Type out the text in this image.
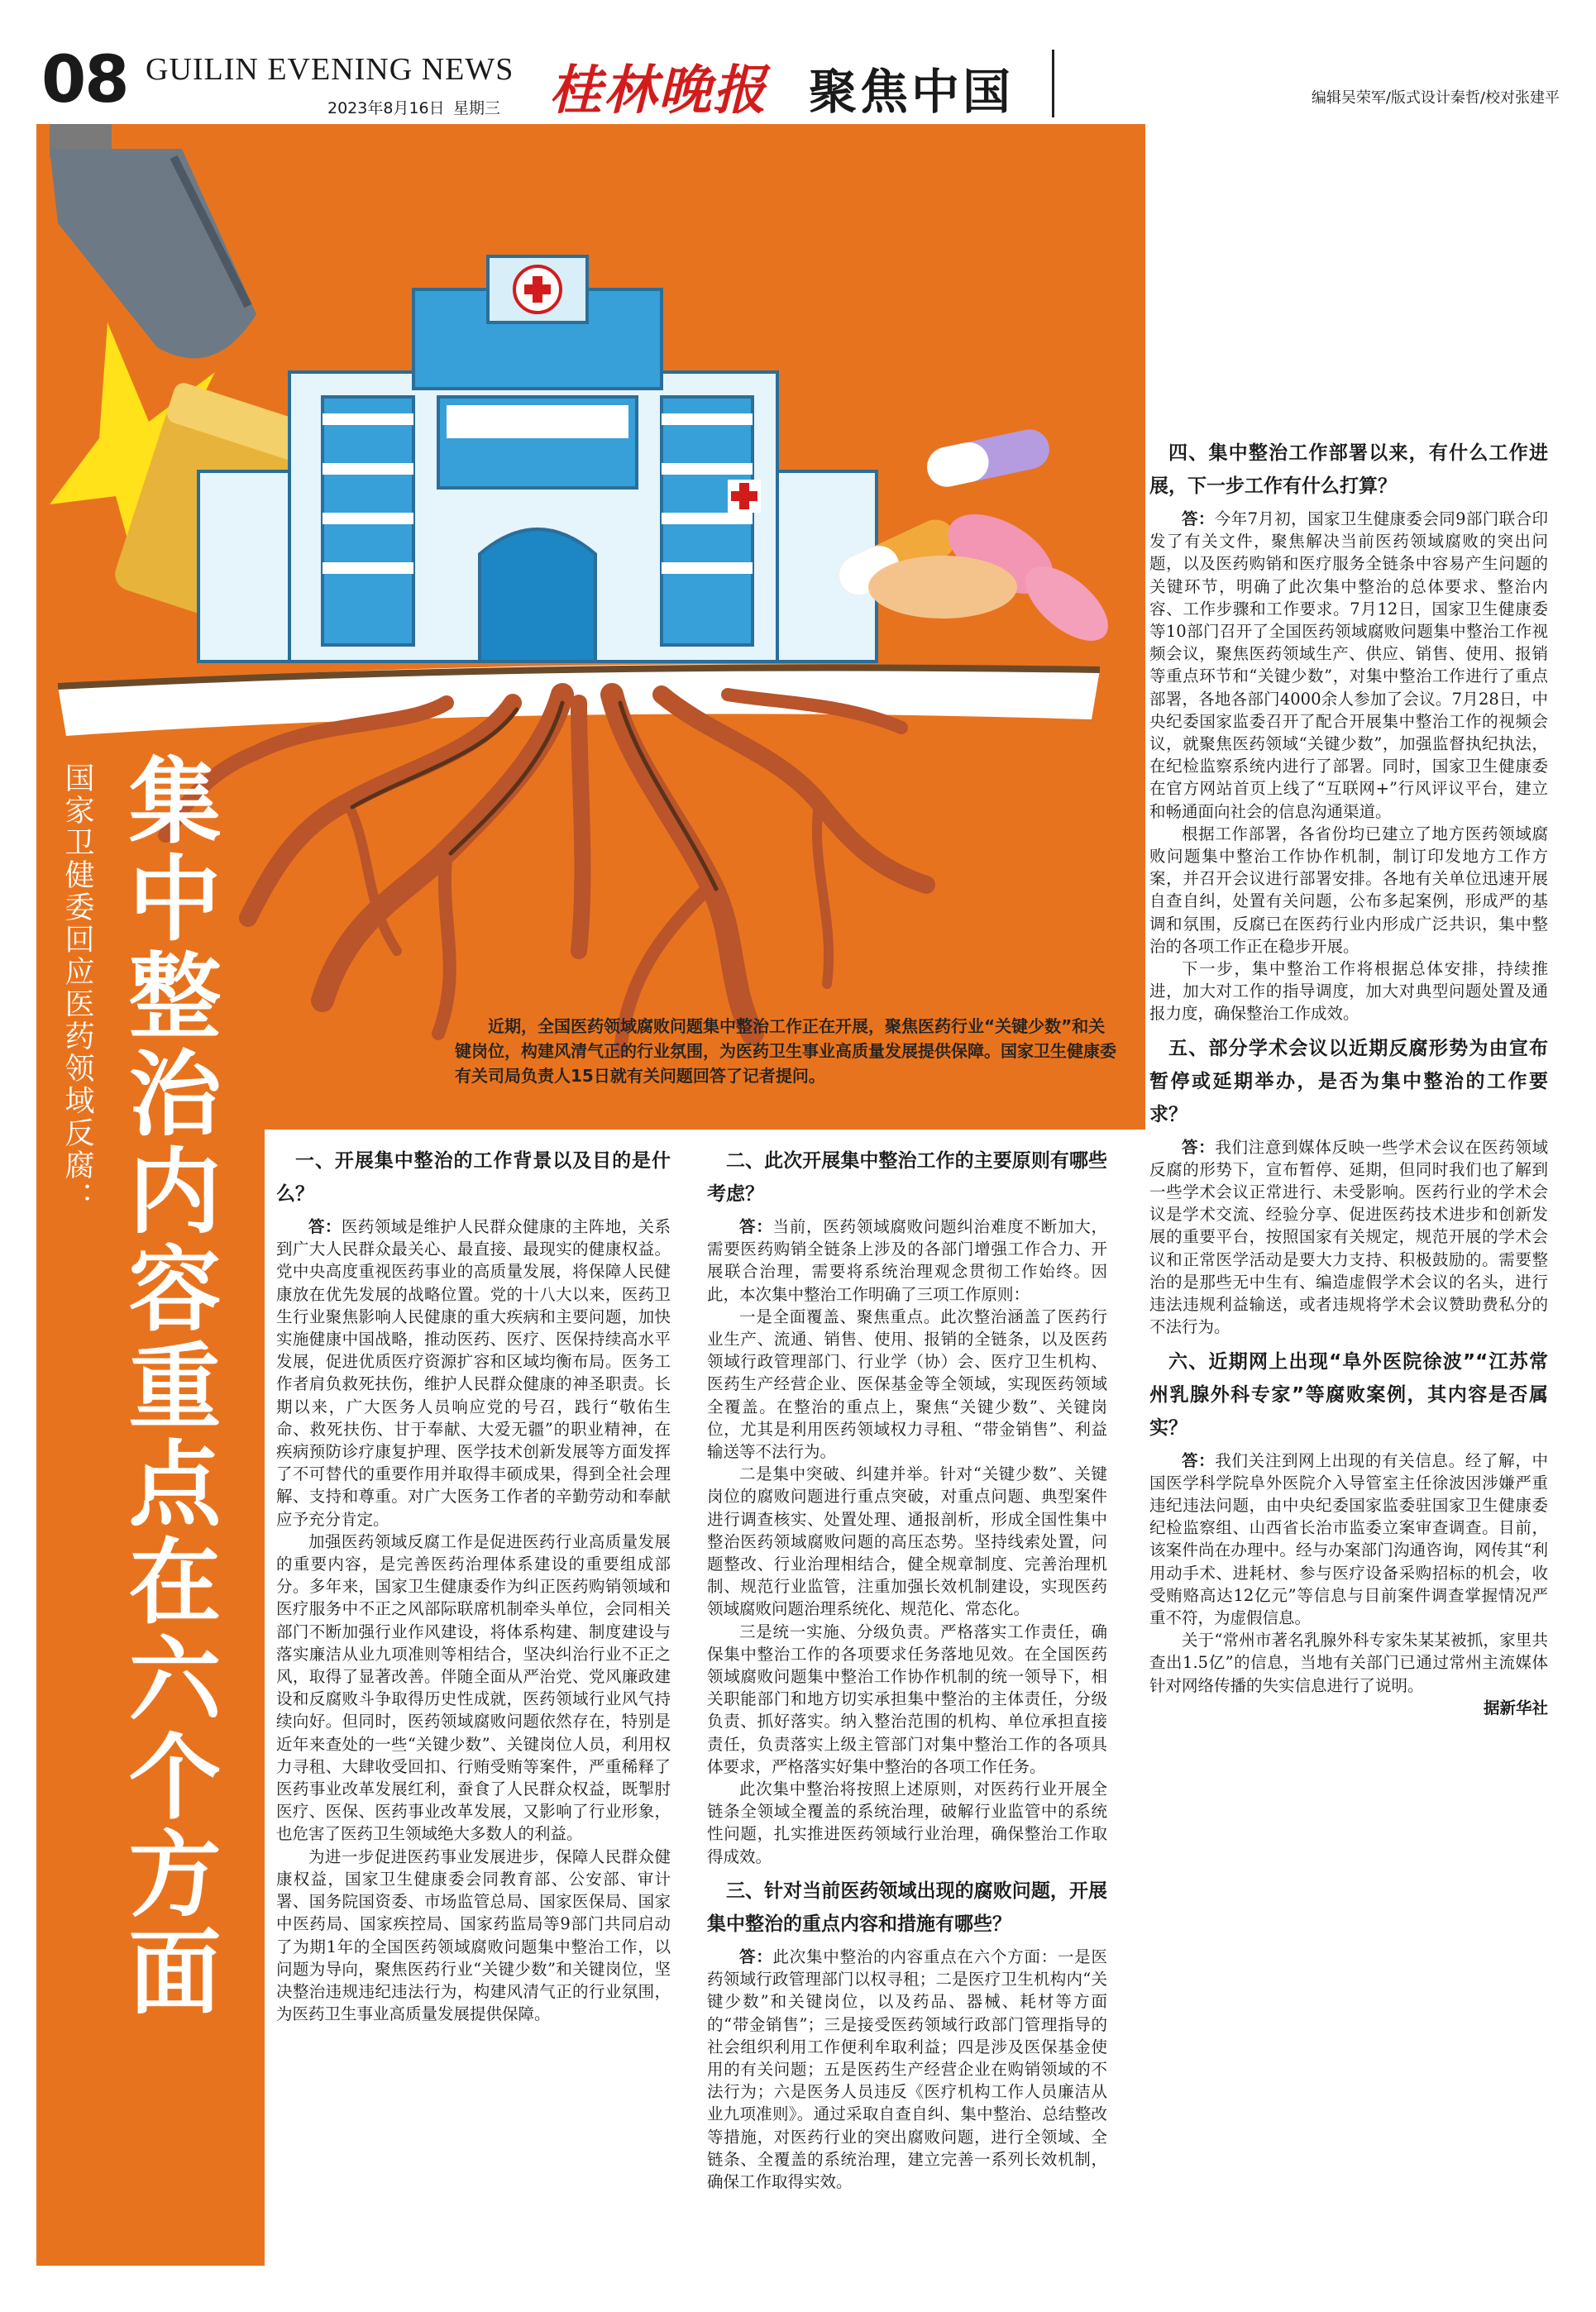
08 GUILIN EVENING NEWS
2023年8月16日 星期三 桂林晚报 聚焦中国	编辑吴荣军/版式设计秦哲/校对张建平
国家卫健委回应医药领域反腐： 集中整治内容重点在六个方面	近期，全国医药领域腐败问题集中整治工作正在开展，聚焦医药行业“关键少数”和关键岗位，构建风清气正的行业氛围，为医药卫生事业高质量发展提供保障。国家卫生健康委有关司局负责人15日就有关问题回答了记者提问。
一、开展集中整治的工作背景以及目的是什么？

答：医药领域是维护人民群众健康的主阵地，关系到广大人民群众最关心、最直接、最现实的健康权益。党中央高度重视医药事业的高质量发展，将保障人民健康放在优先发展的战略位置。党的十八大以来，医药卫生行业聚焦影响人民健康的重大疾病和主要问题，加快实施健康中国战略，推动医药、医疗、医保持续高水平发展，促进优质医疗资源扩容和区域均衡布局。医务工作者肩负救死扶伤，维护人民群众健康的神圣职责。长期以来，广大医务人员响应党的号召，践行“敬佑生命、救死扶伤、甘于奉献、大爱无疆”的职业精神，在疾病预防诊疗康复护理、医学技术创新发展等方面发挥了不可替代的重要作用并取得丰硕成果，得到全社会理解、支持和尊重。对广大医务工作者的辛勤劳动和奉献应予充分肯定。

加强医药领域反腐工作是促进医药行业高质量发展的重要内容，是完善医药治理体系建设的重要组成部分。多年来，国家卫生健康委作为纠正医药购销领域和医疗服务中不正之风部际联席机制牵头单位，会同相关部门不断加强行业作风建设，将体系构建、制度建设与落实廉洁从业九项准则等相结合，坚决纠治行业不正之风，取得了显著改善。伴随全面从严治党、党风廉政建设和反腐败斗争取得历史性成就，医药领域行业风气持续向好。但同时，医药领域腐败问题依然存在，特别是近年来查处的一些“关键少数”、关键岗位人员，利用权力寻租、大肆收受回扣、行贿受贿等案件，严重稀释了医药事业改革发展红利，蚕食了人民群众权益，既掣肘医疗、医保、医药事业改革发展，又影响了行业形象，也危害了医药卫生领域绝大多数人的利益。

为进一步促进医药事业发展进步，保障人民群众健康权益，国家卫生健康委会同教育部、公安部、审计署、国务院国资委、市场监管总局、国家医保局、国家中医药局、国家疾控局、国家药监局等9部门共同启动了为期1年的全国医药领域腐败问题集中整治工作，以问题为导向，聚焦医药行业“关键少数”和关键岗位，坚决整治违规违纪违法行为，构建风清气正的行业氛围，为医药卫生事业高质量发展提供保障。

二、此次开展集中整治工作的主要原则有哪些考虑？

答：当前，医药领域腐败问题纠治难度不断加大，需要医药购销全链条上涉及的各部门增强工作合力、开展联合治理，需要将系统治理观念贯彻工作始终。因此，本次集中整治工作明确了三项工作原则：

一是全面覆盖、聚焦重点。此次整治涵盖了医药行业生产、流通、销售、使用、报销的全链条，以及医药领域行政管理部门、行业学（协）会、医疗卫生机构、医药生产经营企业、医保基金等全领域，实现医药领域全覆盖。在整治的重点上，聚焦“关键少数”、关键岗位，尤其是利用医药领域权力寻租、“带金销售”、利益输送等不法行为。

二是集中突破、纠建并举。针对“关键少数”、关键岗位的腐败问题进行重点突破，对重点问题、典型案件进行调查核实、处置处理、通报剖析，形成全国性集中整治医药领域腐败问题的高压态势。坚持线索处置，问题整改、行业治理相结合，健全规章制度、完善治理机制、规范行业监管，注重加强长效机制建设，实现医药领域腐败问题治理系统化、规范化、常态化。

三是统一实施、分级负责。严格落实工作责任，确保集中整治工作的各项要求任务落地见效。在全国医药领域腐败问题集中整治工作协作机制的统一领导下，相关职能部门和地方切实承担集中整治的主体责任，分级负责、抓好落实。纳入整治范围的机构、单位承担直接责任，负责落实上级主管部门对集中整治工作的各项具体要求，严格落实好集中整治的各项工作任务。

此次集中整治将按照上述原则，对医药行业开展全链条全领域全覆盖的系统治理，破解行业监管中的系统性问题，扎实推进医药领域行业治理，确保整治工作取得成效。

三、针对当前医药领域出现的腐败问题，开展集中整治的重点内容和措施有哪些？

答：此次集中整治的内容重点在六个方面：一是医药领域行政管理部门以权寻租；二是医疗卫生机构内“关键少数”和关键岗位，以及药品、器械、耗材等方面的“带金销售”；三是接受医药领域行政部门管理指导的社会组织利用工作便利牟取利益；四是涉及医保基金使用的有关问题；五是医药生产经营企业在购销领域的不法行为；六是医务人员违反《医疗机构工作人员廉洁从业九项准则》。通过采取自查自纠、集中整治、总结整改等措施，对医药行业的突出腐败问题，进行全领域、全链条、全覆盖的系统治理，建立完善一系列长效机制，确保工作取得实效。

四、集中整治工作部署以来，有什么工作进展，下一步工作有什么打算？

答：今年7月初，国家卫生健康委会同9部门联合印发了有关文件，聚焦解决当前医药领域腐败的突出问题，以及医药购销和医疗服务全链条中容易产生问题的关键环节，明确了此次集中整治的总体要求、整治内容、工作步骤和工作要求。7月12日，国家卫生健康委等10部门召开了全国医药领域腐败问题集中整治工作视频会议，聚焦医药领域生产、供应、销售、使用、报销等重点环节和“关键少数”，对集中整治工作进行了重点部署，各地各部门4000余人参加了会议。7月28日，中央纪委国家监委召开了配合开展集中整治工作的视频会议，就聚焦医药领域“关键少数”，加强监督执纪执法，在纪检监察系统内进行了部署。同时，国家卫生健康委在官方网站首页上线了“互联网+”行风评议平台，建立和畅通面向社会的信息沟通渠道。

根据工作部署，各省份均已建立了地方医药领域腐败问题集中整治工作协作机制，制订印发地方工作方案，并召开会议进行部署安排。各地有关单位迅速开展自查自纠，处置有关问题，公布多起案例，形成严的基调和氛围，反腐已在医药行业内形成广泛共识，集中整治的各项工作正在稳步开展。

下一步，集中整治工作将根据总体安排，持续推进，加大对工作的指导调度，加大对典型问题处置及通报力度，确保整治工作成效。

五、部分学术会议以近期反腐形势为由宣布暂停或延期举办，是否为集中整治的工作要求？

答：我们注意到媒体反映一些学术会议在医药领域反腐的形势下，宣布暂停、延期，但同时我们也了解到一些学术会议正常进行、未受影响。医药行业的学术会议是学术交流、经验分享、促进医药技术进步和创新发展的重要平台，按照国家有关规定，规范开展的学术会议和正常医学活动是要大力支持、积极鼓励的。需要整治的是那些无中生有、编造虚假学术会议的名头，进行违法违规利益输送，或者违规将学术会议赞助费私分的不法行为。

六、近期网上出现“阜外医院徐波”“江苏常州乳腺外科专家”等腐败案例，其内容是否属实？

答：我们关注到网上出现的有关信息。经了解，中国医学科学院阜外医院介入导管室主任徐波因涉嫌严重违纪违法问题，由中央纪委国家监委驻国家卫生健康委纪检监察组、山西省长治市监委立案审查调查。目前，该案件尚在办理中。经与办案部门沟通咨询，网传其“利用动手术、进耗材、参与医疗设备采购招标的机会，收受贿赂高达12亿元”等信息与目前案件调查掌握情况严重不符，为虚假信息。

关于“常州市著名乳腺外科专家朱某某被抓，家里共查出1.5亿”的信息，当地有关部门已通过常州主流媒体针对网络传播的失实信息进行了说明。

据新华社
